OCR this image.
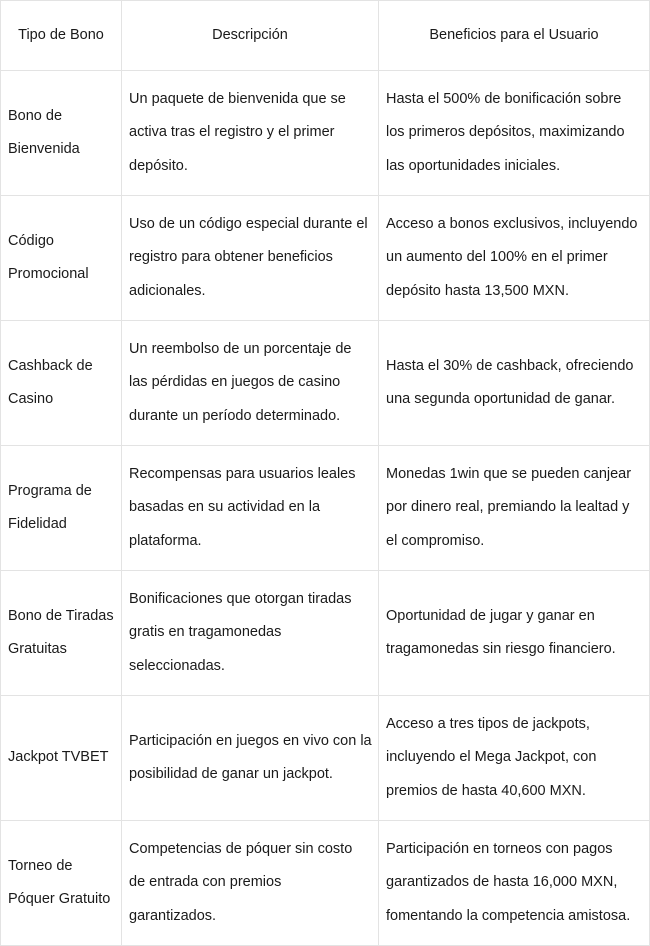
Tipo de Bono	Descripción	Beneficios para el Usuario
Bono de Bienvenida	Un paquete de bienvenida que se activa tras el registro y el primer depósito.	Hasta el 500% de bonificación sobre los primeros depósitos, maximizando las oportunidades iniciales.
Código Promocional	Uso de un código especial durante el registro para obtener beneficios adicionales.	Acceso a bonos exclusivos, incluyendo un aumento del 100% en el primer depósito hasta 13,500 MXN.
Cashback de Casino	Un reembolso de un porcentaje de las pérdidas en juegos de casino durante un período determinado.	Hasta el 30% de cashback, ofreciendo una segunda oportunidad de ganar.
Programa de Fidelidad	Recompensas para usuarios leales basadas en su actividad en la plataforma.	Monedas 1win que se pueden canjear por dinero real, premiando la lealtad y el compromiso.
Bono de Tiradas Gratuitas	Bonificaciones que otorgan tiradas gratis en tragamonedas seleccionadas.	Oportunidad de jugar y ganar en tragamonedas sin riesgo financiero.
Jackpot TVBET	Participación en juegos en vivo con la posibilidad de ganar un jackpot.	Acceso a tres tipos de jackpots, incluyendo el Mega Jackpot, con premios de hasta 40,600 MXN.
Torneo de Póquer Gratuito	Competencias de póquer sin costo de entrada con premios garantizados.	Participación en torneos con pagos garantizados de hasta 16,000 MXN, fomentando la competencia amistosa.
